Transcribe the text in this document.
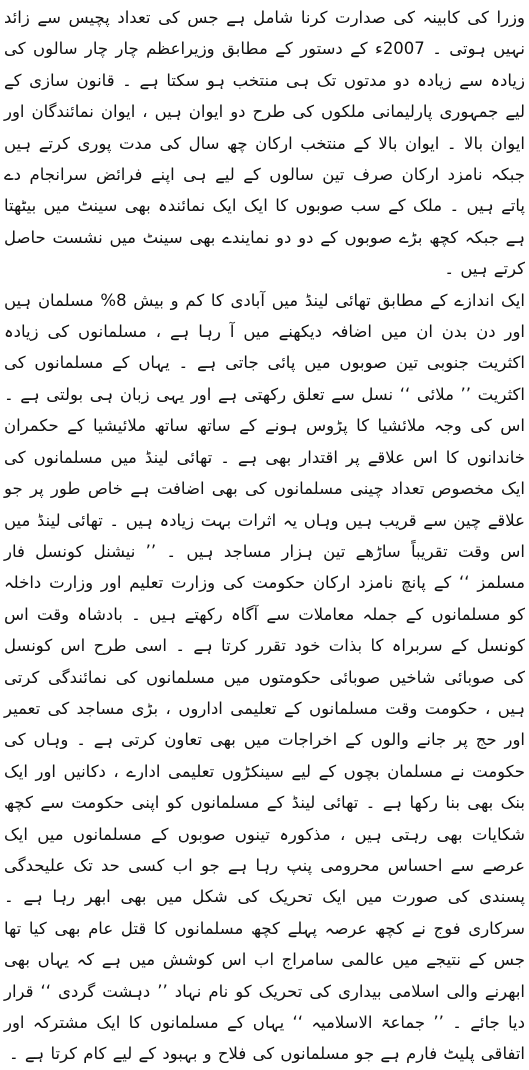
وزرا کی کابینہ کی صدارت کرنا شامل ہے جس کی تعداد پچیس سے زائد نہیں ہوتی ۔ 2007ء کے دستور کے مطابق وزیراعظم چار چار سالوں کی زیادہ سے زیادہ دو مدتوں تک ہی منتخب ہو سکتا ہے ۔ قانون سازی کے لیے جمہوری پارلیمانی ملکوں کی طرح دو ایوان ہیں ، ایوان نمائندگان اور ایوان بالا ۔ ایوان بالا کے منتخب ارکان چھ سال کی مدت پوری کرتے ہیں جبکہ نامزد ارکان صرف تین سالوں کے لیے ہی اپنے فرائض سرانجام دے پاتے ہیں ۔ ملک کے سب صوبوں کا ایک ایک نمائندہ بھی سینٹ میں بیٹھتا ہے جبکہ کچھ بڑے صوبوں کے دو دو نمایندے بھی سینٹ میں نشست حاصل کرتے ہیں ۔

ایک اندازے کے مطابق تھائی لینڈ میں آبادی کا کم و بیش 8% مسلمان ہیں اور دن بدن ان میں اضافہ دیکھنے میں آ رہا ہے ، مسلمانوں کی زیادہ اکثریت جنوبی تین صوبوں میں پائی جاتی ہے ۔ یہاں کے مسلمانوں کی اکثریت ’’ ملائی ‘‘ نسل سے تعلق رکھتی ہے اور یہی زبان ہی بولتی ہے ۔ اس کی وجہ ملائشیا کا پڑوس ہونے کے ساتھ ساتھ ملائیشیا کے حکمران خاندانوں کا اس علاقے پر اقتدار بھی ہے ۔ تھائی لینڈ میں مسلمانوں کی ایک مخصوص تعداد چینی مسلمانوں کی بھی اضافت ہے خاص طور پر جو علاقے چین سے قریب ہیں وہاں یہ اثرات بہت زیادہ ہیں ۔ تھائی لینڈ میں اس وقت تقریباً ساڑھے تین ہزار مساجد ہیں ۔ ’’ نیشنل کونسل فار مسلمز ‘‘ کے پانچ نامزد ارکان حکومت کی وزارت تعلیم اور وزارت داخلہ کو مسلمانوں کے جملہ معاملات سے آگاہ رکھتے ہیں ۔ بادشاہ وقت اس کونسل کے سربراہ کا بذات خود تقرر کرتا ہے ۔ اسی طرح اس کونسل کی صوبائی شاخیں صوبائی حکومتوں میں مسلمانوں کی نمائندگی کرتی ہیں ، حکومت وقت مسلمانوں کے تعلیمی اداروں ، بڑی مساجد کی تعمیر اور حج پر جانے والوں کے اخراجات میں بھی تعاون کرتی ہے ۔ وہاں کی حکومت نے مسلمان بچوں کے لیے سینکڑوں تعلیمی ادارے ، دکانیں اور ایک بنک بھی بنا رکھا ہے ۔ تھائی لینڈ کے مسلمانوں کو اپنی حکومت سے کچھ شکایات بھی رہتی ہیں ، مذکورہ تینوں صوبوں کے مسلمانوں میں ایک عرصے سے احساس محرومی پنپ رہا ہے جو اب کسی حد تک علیحدگی پسندی کی صورت میں ایک تحریک کی شکل میں بھی ابھر رہا ہے ۔ سرکاری فوج نے کچھ عرصہ پہلے کچھ مسلمانوں کا قتل عام بھی کیا تھا جس کے نتیجے میں عالمی سامراج اب اس کوشش میں ہے کہ یہاں بھی ابھرنے والی اسلامی بیداری کی تحریک کو نام نہاد ’’ دہشت گردی ‘‘ قرار دیا جائے ۔ ’’ جماعۃ الاسلامیہ ‘‘ یہاں کے مسلمانوں کا ایک مشترکہ اور اتفاقی پلیٹ فارم ہے جو مسلمانوں کی فلاح و بہبود کے لیے کام کرتا ہے ۔
